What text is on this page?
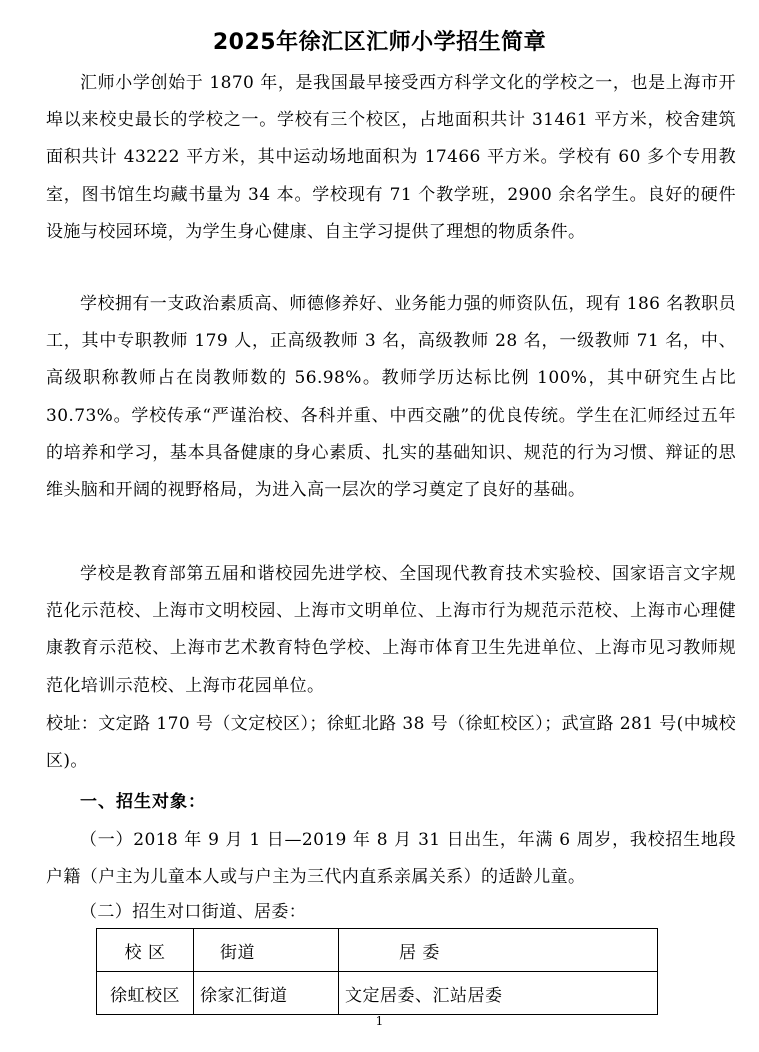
2025年徐汇区汇师小学招生简章

汇师小学创始于 1870 年，是我国最早接受西方科学文化的学校之一，也是上海市开埠以来校史最长的学校之一。学校有三个校区，占地面积共计 31461 平方米，校舍建筑面积共计 43222 平方米，其中运动场地面积为 17466 平方米。学校有 60 多个专用教室，图书馆生均藏书量为 34 本。学校现有 71 个教学班，2900 余名学生。良好的硬件设施与校园环境，为学生身心健康、自主学习提供了理想的物质条件。

学校拥有一支政治素质高、师德修养好、业务能力强的师资队伍，现有 186 名教职员工，其中专职教师 179 人，正高级教师 3 名，高级教师 28 名，一级教师 71 名，中、高级职称教师占在岗教师数的 56.98%。教师学历达标比例 100%，其中研究生占比 30.73%。学校传承“严谨治校、各科并重、中西交融”的优良传统。学生在汇师经过五年的培养和学习，基本具备健康的身心素质、扎实的基础知识、规范的行为习惯、辩证的思维头脑和开阔的视野格局，为进入高一层次的学习奠定了良好的基础。

学校是教育部第五届和谐校园先进学校、全国现代教育技术实验校、国家语言文字规范化示范校、上海市文明校园、上海市文明单位、上海市行为规范示范校、上海市心理健康教育示范校、上海市艺术教育特色学校、上海市体育卫生先进单位、上海市见习教师规范化培训示范校、上海市花园单位。

校址：文定路 170 号（文定校区）；徐虹北路 38 号（徐虹校区）；武宣路 281 号(中城校区)。

一、招生对象：

（一）2018 年 9 月 1 日—2019 年 8 月 31 日出生，年满 6 周岁，我校招生地段户籍（户主为儿童本人或与户主为三代内直系亲属关系）的适龄儿童。

（二）招生对口街道、居委：
校 区	街道	居 委
徐虹校区	徐家汇街道	文定居委、汇站居委
1
